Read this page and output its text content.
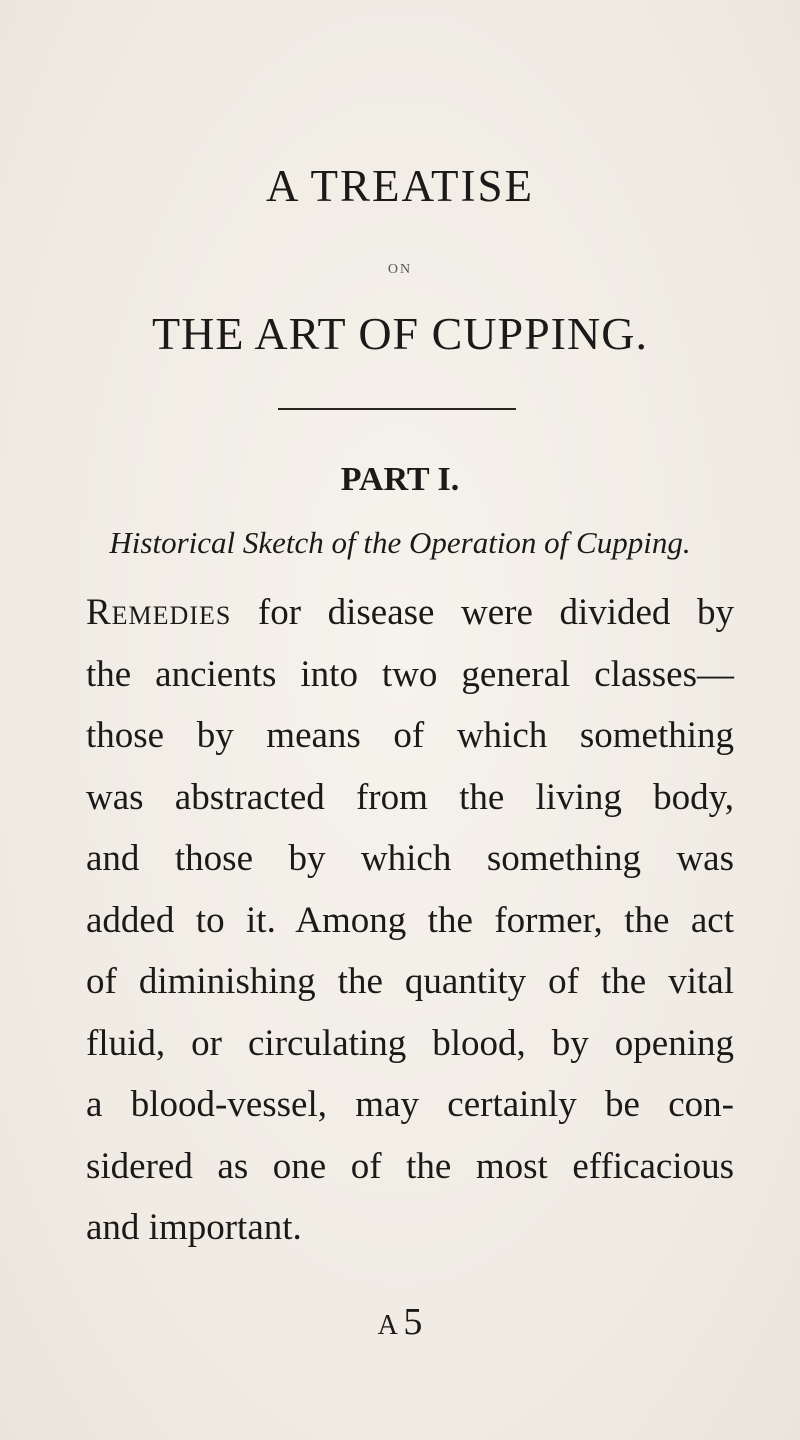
A TREATISE
ON
THE ART OF CUPPING.
PART I.
Historical Sketch of the Operation of Cupping.
Remedies for disease were divided by
the ancients into two general classes—
those by means of which something
was abstracted from the living body,
and those by which something was
added to it. Among the former, the act
of diminishing the quantity of the vital
fluid, or circulating blood, by opening
a blood-vessel, may certainly be con-
sidered as one of the most efficacious
and important.
A 5
